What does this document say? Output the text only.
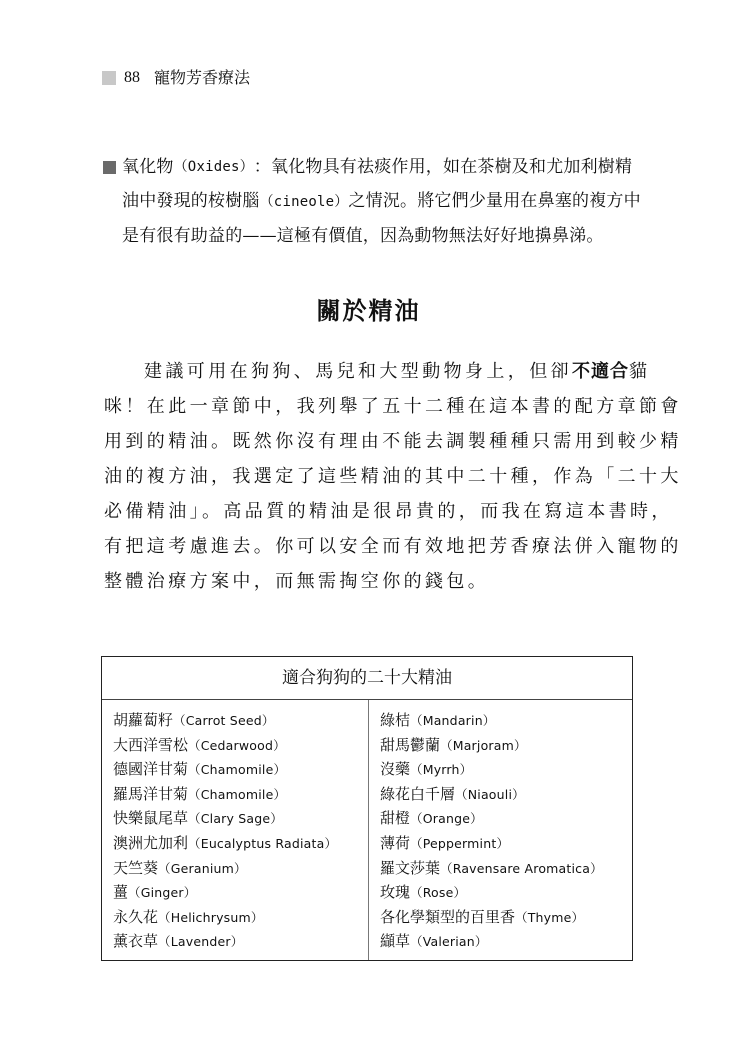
88 寵物芳香療法
氧化物 （Oxides） ：氧化物具有祛痰作用，如在茶樹及和尤加利樹精
油中發現的桉樹腦（cineole）之情況。將它們少量用在鼻塞的複方中
是有很有助益的——這極有價值，因為動物無法好好地擤鼻涕。
關於精油
建議可用在狗狗、馬兒和大型動物身上，但卻不適合貓
咪！在此一章節中，我列舉了五十二種在這本書的配方章節會
用到的精油。既然你沒有理由不能去調製種種只需用到較少精
油的複方油，我選定了這些精油的其中二十種，作為「二十大
必備精油」。高品質的精油是很昂貴的，而我在寫這本書時，
有把這考慮進去。你可以安全而有效地把芳香療法併入寵物的
整體治療方案中，而無需掏空你的錢包。
適合狗狗的二十大精油
胡蘿蔔籽（Carrot Seed）
大西洋雪松（Cedarwood）
德國洋甘菊（Chamomile）
羅馬洋甘菊（Chamomile）
快樂鼠尾草（Clary Sage）
澳洲尤加利（Eucalyptus Radiata）
天竺葵（Geranium）
薑（Ginger）
永久花（Helichrysum）
薰衣草（Lavender）
綠桔（Mandarin）
甜馬鬱蘭（Marjoram）
沒藥（Myrrh）
綠花白千層（Niaouli）
甜橙（Orange）
薄荷（Peppermint）
羅文莎葉（Ravensare Aromatica）
玫瑰（Rose）
各化學類型的百里香（Thyme）
纈草（Valerian）
